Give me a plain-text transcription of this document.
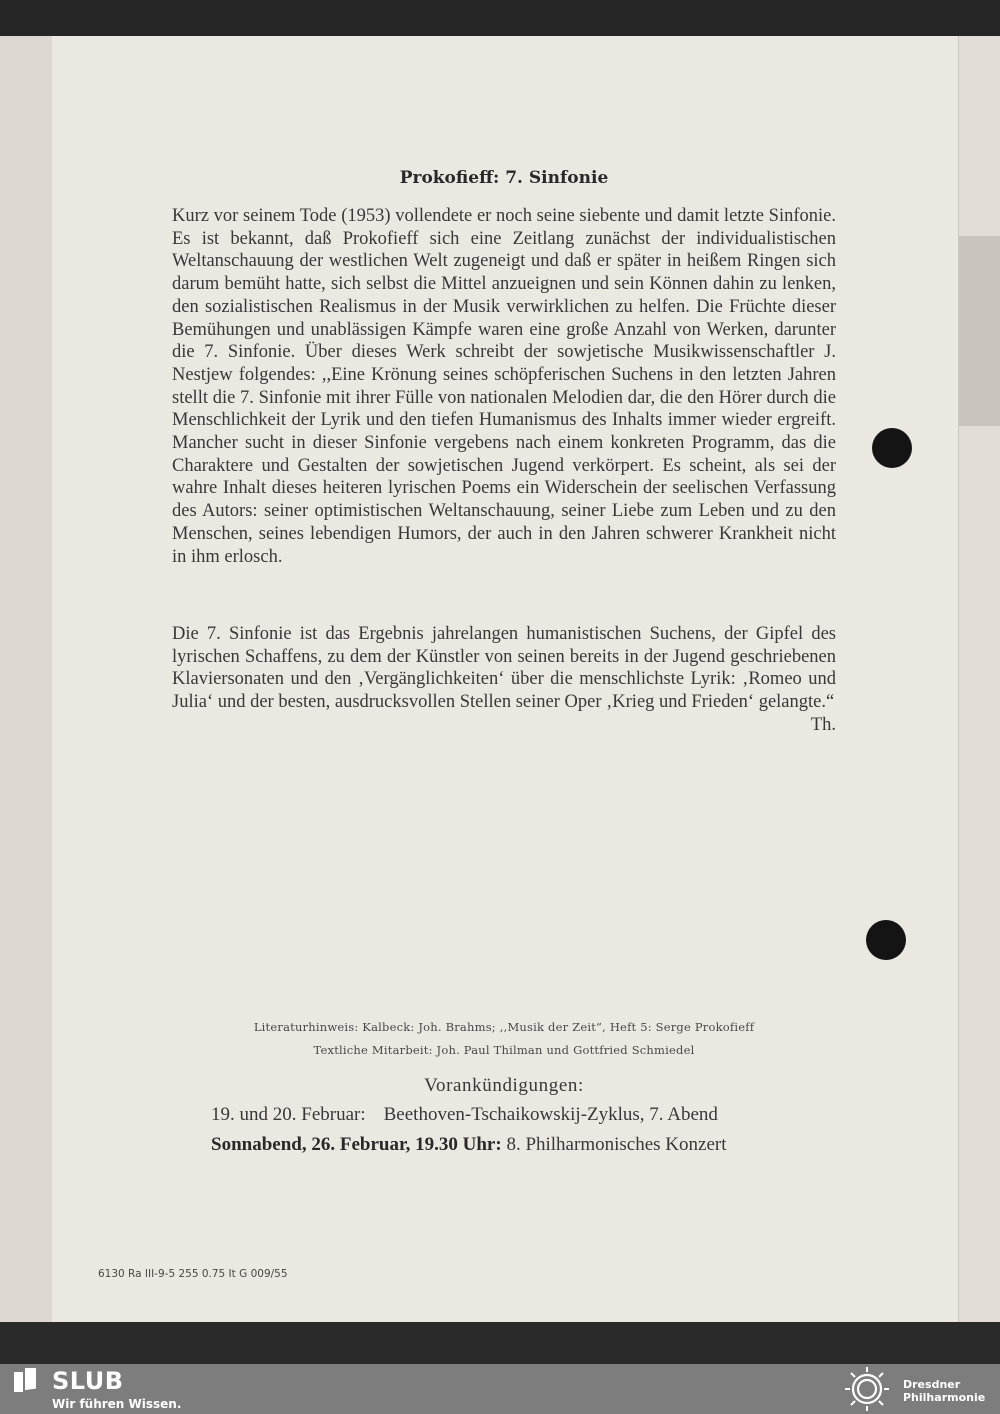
Prokofieff: 7. Sinfonie
Kurz vor seinem Tode (1953) vollendete er noch seine siebente und damit letzte Sinfonie. Es ist bekannt, daß Prokofieff sich eine Zeitlang zunächst der individualistischen Weltanschauung der westlichen Welt zugeneigt und daß er später in heißem Ringen sich darum bemüht hatte, sich selbst die Mittel anzueignen und sein Können dahin zu lenken, den sozialistischen Realismus in der Musik verwirklichen zu helfen. Die Früchte dieser Bemühungen und unablässigen Kämpfe waren eine große Anzahl von Werken, darunter die 7. Sinfonie. Über dieses Werk schreibt der sowjetische Musikwissenschaftler J. Nestjew folgendes: ,,Eine Krönung seines schöpferischen Suchens in den letzten Jahren stellt die 7. Sinfonie mit ihrer Fülle von nationalen Melodien dar, die den Hörer durch die Menschlichkeit der Lyrik und den tiefen Humanismus des Inhalts immer wieder ergreift. Mancher sucht in dieser Sinfonie vergebens nach einem konkreten Programm, das die Charaktere und Gestalten der sowjetischen Jugend verkörpert. Es scheint, als sei der wahre Inhalt dieses heiteren lyrischen Poems ein Widerschein der seelischen Verfassung des Autors: seiner optimistischen Weltanschauung, seiner Liebe zum Leben und zu den Menschen, seines lebendigen Humors, der auch in den Jahren schwerer Krankheit nicht in ihm erlosch.
Die 7. Sinfonie ist das Ergebnis jahrelangen humanistischen Suchens, der Gipfel des lyrischen Schaffens, zu dem der Künstler von seinen bereits in der Jugend geschriebenen Klaviersonaten und den ‚Vergänglichkeiten‘ über die menschlichste Lyrik: ‚Romeo und Julia‘ und der besten, ausdrucksvollen Stellen seiner Oper ‚Krieg und Frieden‘ gelangte.“
Th.
Literaturhinweis: Kalbeck: Joh. Brahms; ,,Musik der Zeit“, Heft 5: Serge Prokofieff
Textliche Mitarbeit: Joh. Paul Thilman und Gottfried Schmiedel
Vorankündigungen:
19. und 20. Februar: Beethoven-Tschaikowskij-Zyklus, 7. Abend
Sonnabend, 26. Februar, 19.30 Uhr: 8. Philharmonisches Konzert
6130 Ra III-9-5 255 0.75 It G 009/55
SLUB
Wir führen Wissen.
Dresdner
Philharmonie
